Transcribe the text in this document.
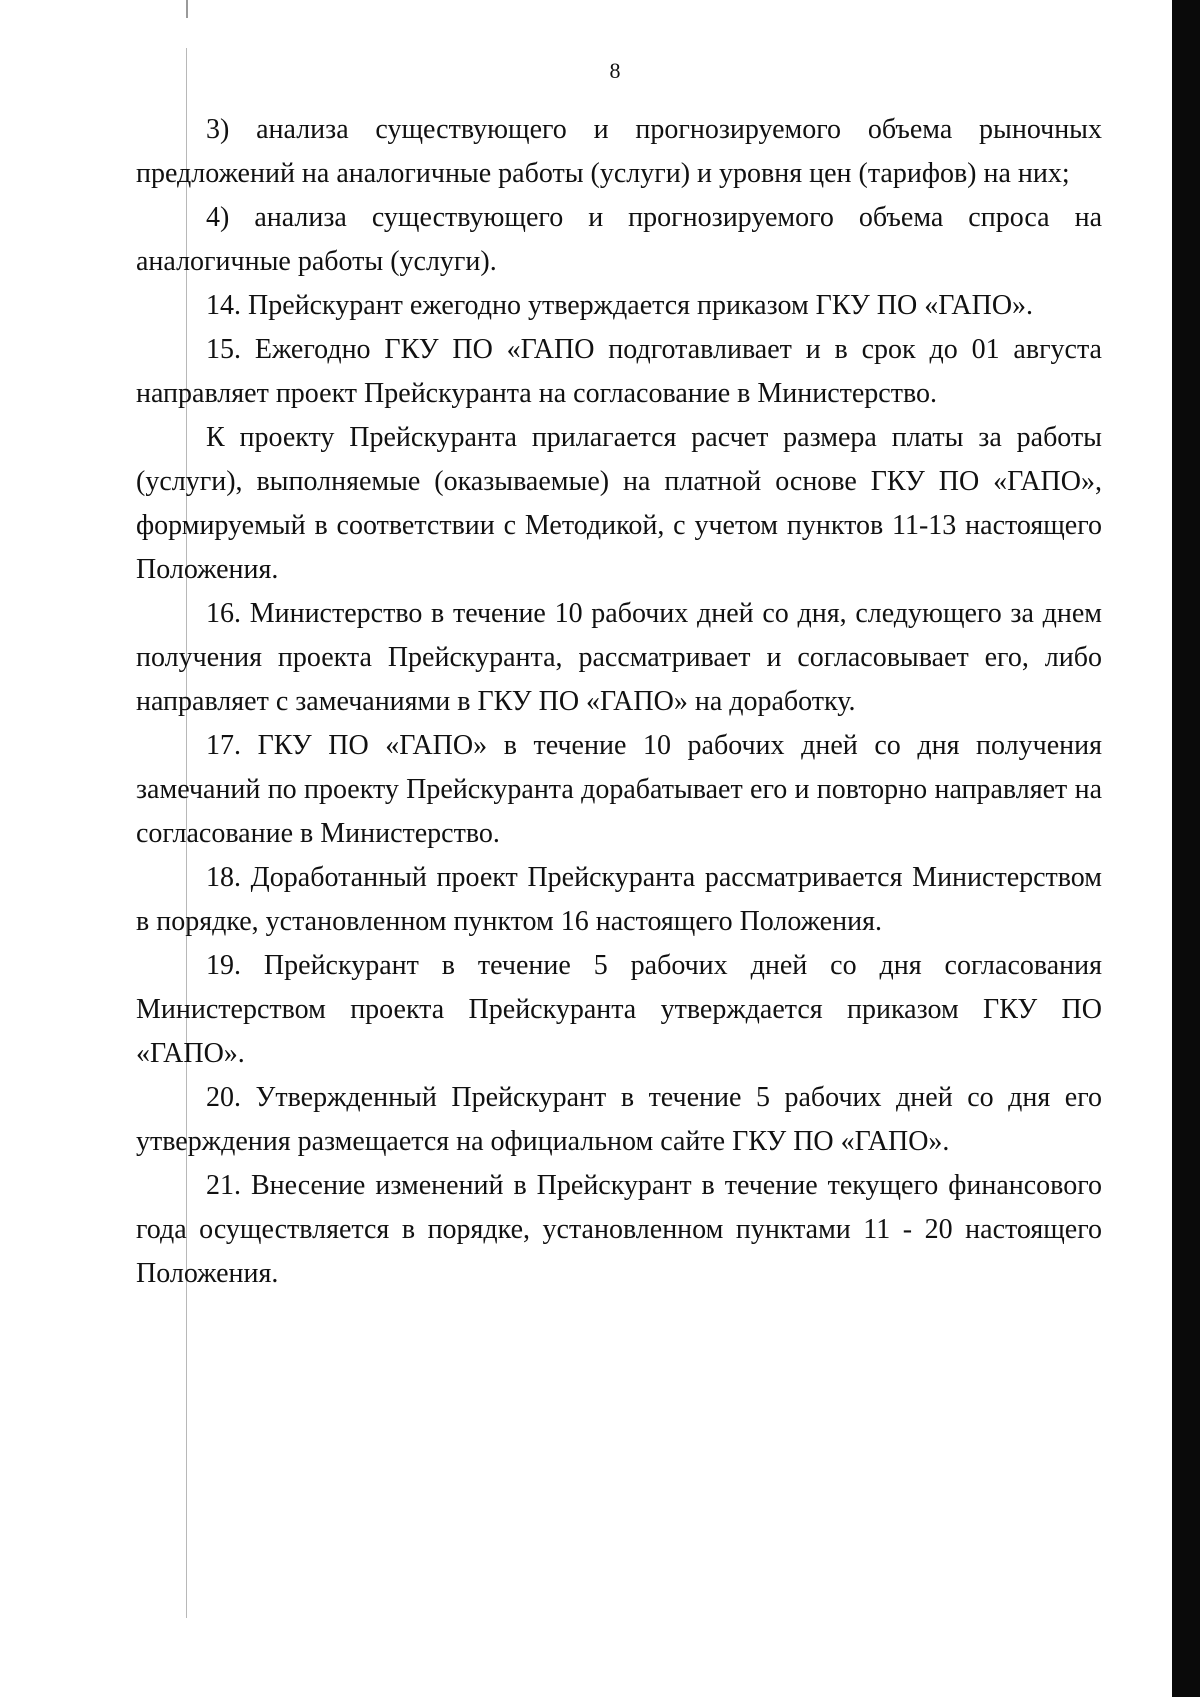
8

3) анализа существующего и прогнозируемого объема рыночных предложений на аналогичные работы (услуги) и уровня цен (тарифов) на них;

4) анализа существующего и прогнозируемого объема спроса на аналогичные работы (услуги).

14. Прейскурант ежегодно утверждается приказом ГКУ ПО «ГАПО».

15. Ежегодно ГКУ ПО «ГАПО подготавливает и в срок до 01 августа направляет проект Прейскуранта на согласование в Министерство.

К проекту Прейскуранта прилагается расчет размера платы за работы (услуги), выполняемые (оказываемые) на платной основе ГКУ ПО «ГАПО», формируемый в соответствии с Методикой, с учетом пунктов 11-13 настоящего Положения.

16. Министерство в течение 10 рабочих дней со дня, следующего за днем получения проекта Прейскуранта, рассматривает и согласовывает его, либо направляет с замечаниями в ГКУ ПО «ГАПО» на доработку.

17. ГКУ ПО «ГАПО» в течение 10 рабочих дней со дня получения замечаний по проекту Прейскуранта дорабатывает его и повторно направляет на согласование в Министерство.

18. Доработанный проект Прейскуранта рассматривается Министерством в порядке, установленном пунктом 16 настоящего Положения.

19. Прейскурант в течение 5 рабочих дней со дня согласования Министерством проекта Прейскуранта утверждается приказом ГКУ ПО «ГАПО».

20. Утвержденный Прейскурант в течение 5 рабочих дней со дня его утверждения размещается на официальном сайте ГКУ ПО «ГАПО».

21. Внесение изменений в Прейскурант в течение текущего финансового года осуществляется в порядке, установленном пунктами 11 - 20 настоящего Положения.
